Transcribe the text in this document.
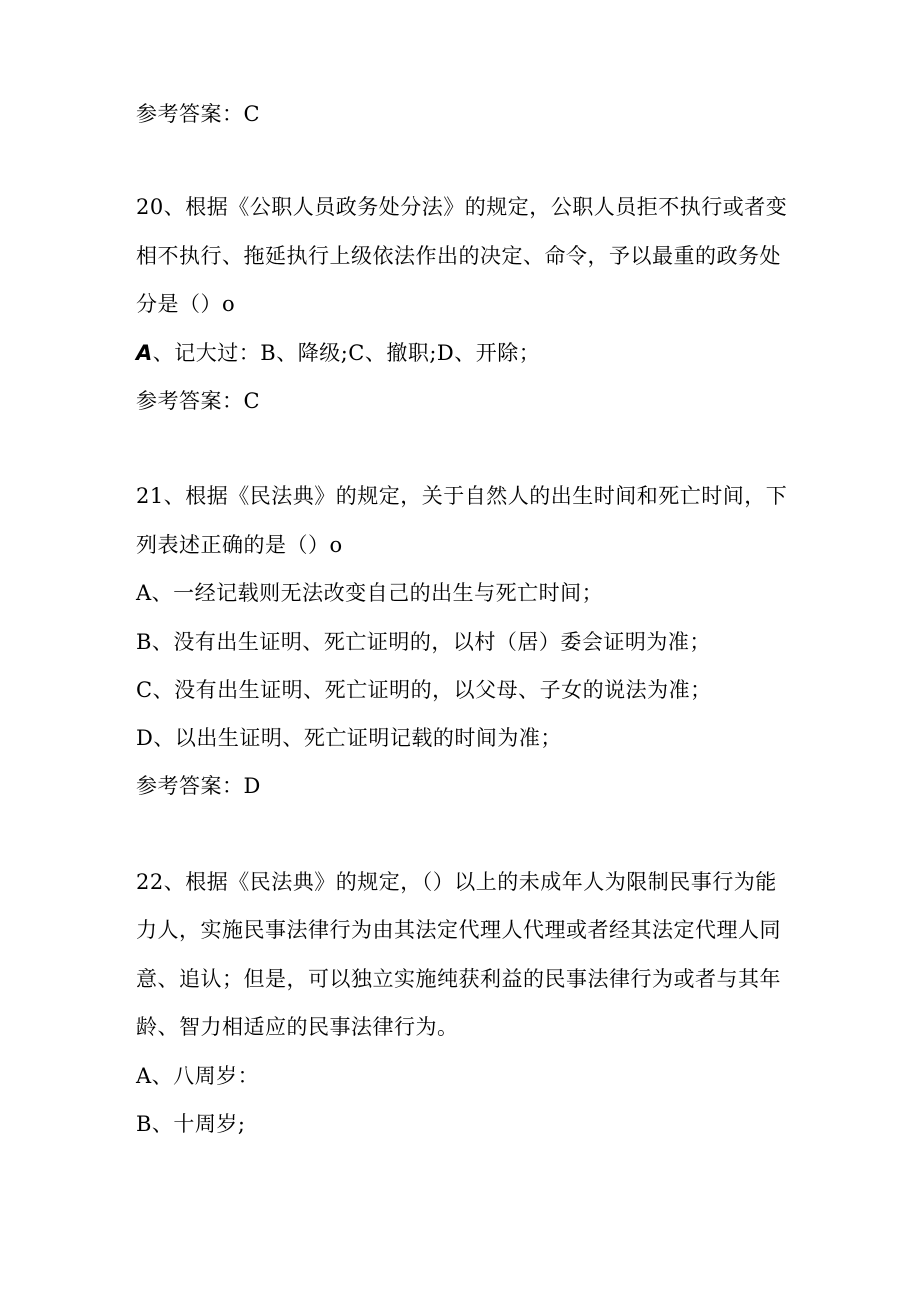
参考答案：C
20、根据《公职人员政务处分法》的规定，公职人员拒不执行或者变
相不执行、拖延执行上级依法作出的决定、命令，予以最重的政务处
分是（）o
A、记大过：B、降级;C、撤职;D、开除；
参考答案：C
21、根据《民法典》的规定，关于自然人的出生时间和死亡时间，下
列表述正确的是（）o
A、一经记载则无法改变自己的出生与死亡时间；
B、没有出生证明、死亡证明的，以村（居）委会证明为准；
C、没有出生证明、死亡证明的，以父母、子女的说法为准；
D、以出生证明、死亡证明记载的时间为准；
参考答案：D
22、根据《民法典》的规定，（）以上的未成年人为限制民事行为能
力人，实施民事法律行为由其法定代理人代理或者经其法定代理人同
意、追认；但是，可以独立实施纯获利益的民事法律行为或者与其年
龄、智力相适应的民事法律行为。
A、八周岁：
B、十周岁;
